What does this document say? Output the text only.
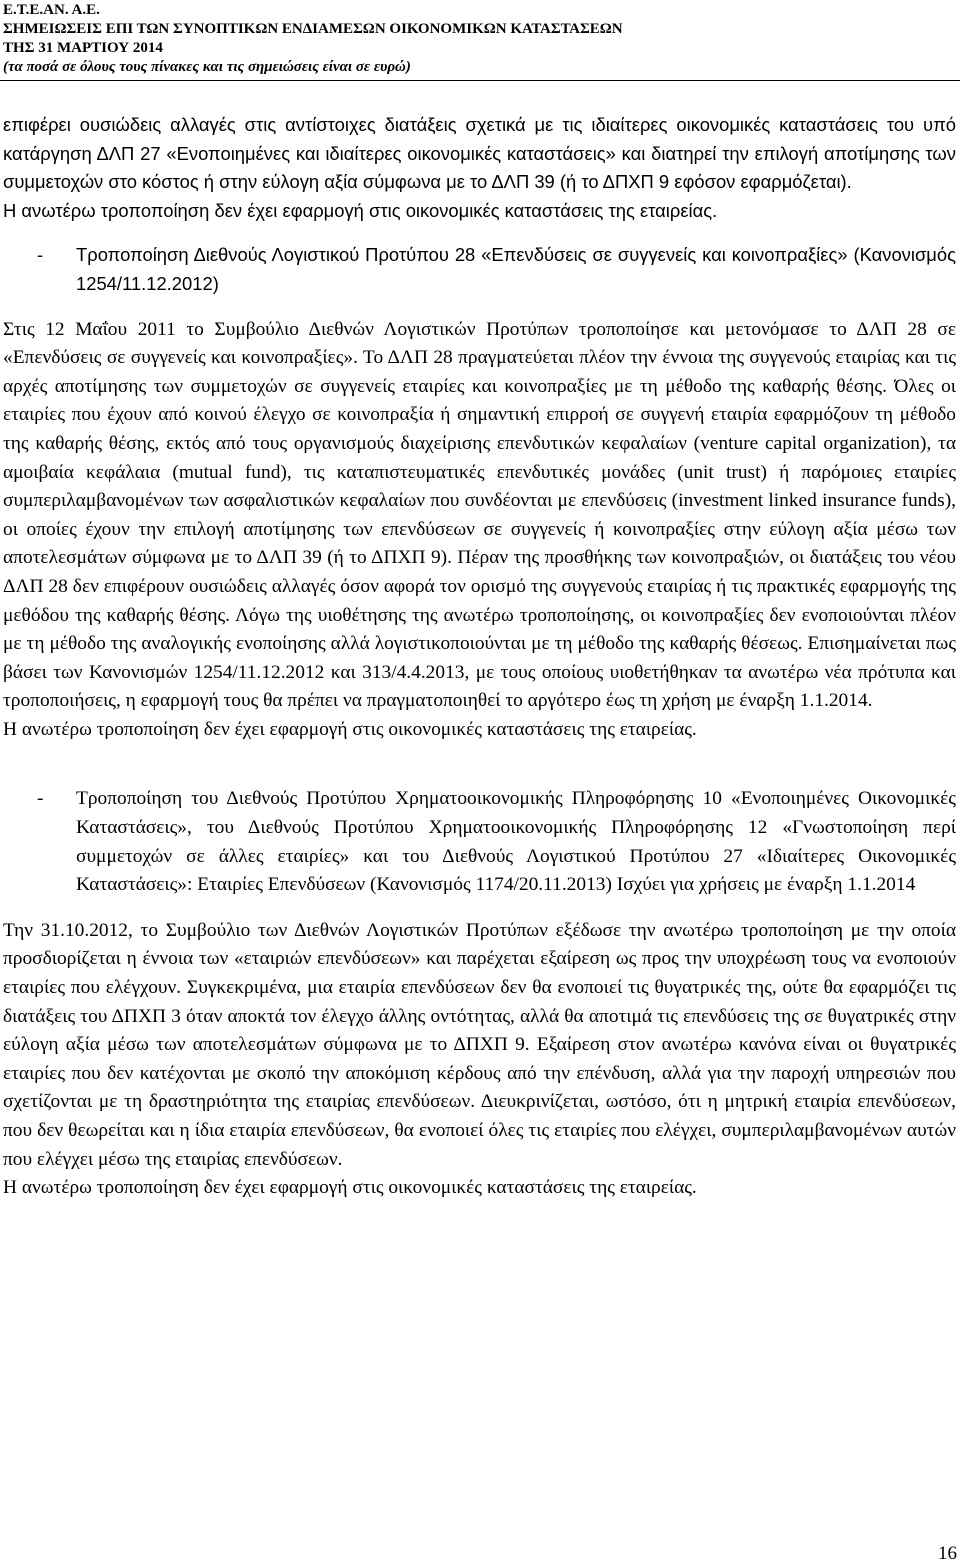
Ε.Τ.Ε.ΑΝ. Α.Ε.
ΣΗΜΕΙΩΣΕΙΣ ΕΠΙ ΤΩΝ ΣΥΝΟΠΤΙΚΩΝ ΕΝΔΙΑΜΕΣΩΝ ΟΙΚΟΝΟΜΙΚΩΝ ΚΑΤΑΣΤΑΣΕΩΝ
ΤΗΣ 31 ΜΑΡΤΙΟΥ 2014
(τα ποσά σε όλους τους πίνακες και τις σημειώσεις είναι σε ευρώ)

επιφέρει ουσιώδεις αλλαγές στις αντίστοιχες διατάξεις σχετικά με τις ιδιαίτερες οικονομικές καταστάσεις του υπό κατάργηση ΔΛΠ 27 «Ενοποιημένες και ιδιαίτερες οικονομικές καταστάσεις» και διατηρεί την επιλογή αποτίμησης των συμμετοχών στο κόστος ή στην εύλογη αξία σύμφωνα με το ΔΛΠ 39 (ή το ΔΠΧΠ 9 εφόσον εφαρμόζεται).

Η ανωτέρω τροποποίηση δεν έχει εφαρμογή στις οικονομικές καταστάσεις της εταιρείας.

- Τροποποίηση Διεθνούς Λογιστικού Προτύπου 28 «Επενδύσεις σε συγγενείς και κοινοπραξίες» (Κανονισμός 1254/11.12.2012)

Στις 12 Μαΐου 2011 το Συμβούλιο Διεθνών Λογιστικών Προτύπων τροποποίησε και μετονόμασε το ΔΛΠ 28 σε «Επενδύσεις σε συγγενείς και κοινοπραξίες». Το ΔΛΠ 28 πραγματεύεται πλέον την έννοια της συγγενούς εταιρίας και τις αρχές αποτίμησης των συμμετοχών σε συγγενείς εταιρίες και κοινοπραξίες με τη μέθοδο της καθαρής θέσης. Όλες οι εταιρίες που έχουν από κοινού έλεγχο σε κοινοπραξία ή σημαντική επιρροή σε συγγενή εταιρία εφαρμόζουν τη μέθοδο της καθαρής θέσης, εκτός από τους οργανισμούς διαχείρισης επενδυτικών κεφαλαίων (venture capital organization), τα αμοιβαία κεφάλαια (mutual fund), τις καταπιστευματικές επενδυτικές μονάδες (unit trust) ή παρόμοιες εταιρίες συμπεριλαμβανομένων των ασφαλιστικών κεφαλαίων που συνδέονται με επενδύσεις (investment linked insurance funds), οι οποίες έχουν την επιλογή αποτίμησης των επενδύσεων σε συγγενείς ή κοινοπραξίες στην εύλογη αξία μέσω των αποτελεσμάτων σύμφωνα με το ΔΛΠ 39 (ή το ΔΠΧΠ 9). Πέραν της προσθήκης των κοινοπραξιών, οι διατάξεις του νέου ΔΛΠ 28 δεν επιφέρουν ουσιώδεις αλλαγές όσον αφορά τον ορισμό της συγγενούς εταιρίας ή τις πρακτικές εφαρμογής της μεθόδου της καθαρής θέσης. Λόγω της υιοθέτησης της ανωτέρω τροποποίησης, οι κοινοπραξίες δεν ενοποιούνται πλέον με τη μέθοδο της αναλογικής ενοποίησης αλλά λογιστικοποιούνται με τη μέθοδο της καθαρής θέσεως. Επισημαίνεται πως βάσει των Κανονισμών 1254/11.12.2012 και 313/4.4.2013, με τους οποίους υιοθετήθηκαν τα ανωτέρω νέα πρότυπα και τροποποιήσεις, η εφαρμογή τους θα πρέπει να πραγματοποιηθεί το αργότερο έως τη χρήση με έναρξη 1.1.2014.

Η ανωτέρω τροποποίηση δεν έχει εφαρμογή στις οικονομικές καταστάσεις της εταιρείας.

- Τροποποίηση του Διεθνούς Προτύπου Χρηματοοικονομικής Πληροφόρησης 10 «Ενοποιημένες Οικονομικές Καταστάσεις», του Διεθνούς Προτύπου Χρηματοοικονομικής Πληροφόρησης 12 «Γνωστοποίηση περί συμμετοχών σε άλλες εταιρίες» και του Διεθνούς Λογιστικού Προτύπου 27 «Ιδιαίτερες Οικονομικές Καταστάσεις»: Εταιρίες Επενδύσεων (Κανονισμός 1174/20.11.2013) Ισχύει για χρήσεις με έναρξη 1.1.2014

Την 31.10.2012, το Συμβούλιο των Διεθνών Λογιστικών Προτύπων εξέδωσε την ανωτέρω τροποποίηση με την οποία προσδιορίζεται η έννοια των «εταιριών επενδύσεων» και παρέχεται εξαίρεση ως προς την υποχρέωση τους να ενοποιούν εταιρίες που ελέγχουν. Συγκεκριμένα, μια εταιρία επενδύσεων δεν θα ενοποιεί τις θυγατρικές της, ούτε θα εφαρμόζει τις διατάξεις του ΔΠΧΠ 3 όταν αποκτά τον έλεγχο άλλης οντότητας, αλλά θα αποτιμά τις επενδύσεις της σε θυγατρικές στην εύλογη αξία μέσω των αποτελεσμάτων σύμφωνα με το ΔΠΧΠ 9. Εξαίρεση στον ανωτέρω κανόνα είναι οι θυγατρικές εταιρίες που δεν κατέχονται με σκοπό την αποκόμιση κέρδους από την επένδυση, αλλά για την παροχή υπηρεσιών που σχετίζονται με τη δραστηριότητα της εταιρίας επενδύσεων. Διευκρινίζεται, ωστόσο, ότι η μητρική εταιρία επενδύσεων, που δεν θεωρείται και η ίδια εταιρία επενδύσεων, θα ενοποιεί όλες τις εταιρίες που ελέγχει, συμπεριλαμβανομένων αυτών που ελέγχει μέσω της εταιρίας επενδύσεων.

Η ανωτέρω τροποποίηση δεν έχει εφαρμογή στις οικονομικές καταστάσεις της εταιρείας.

16
